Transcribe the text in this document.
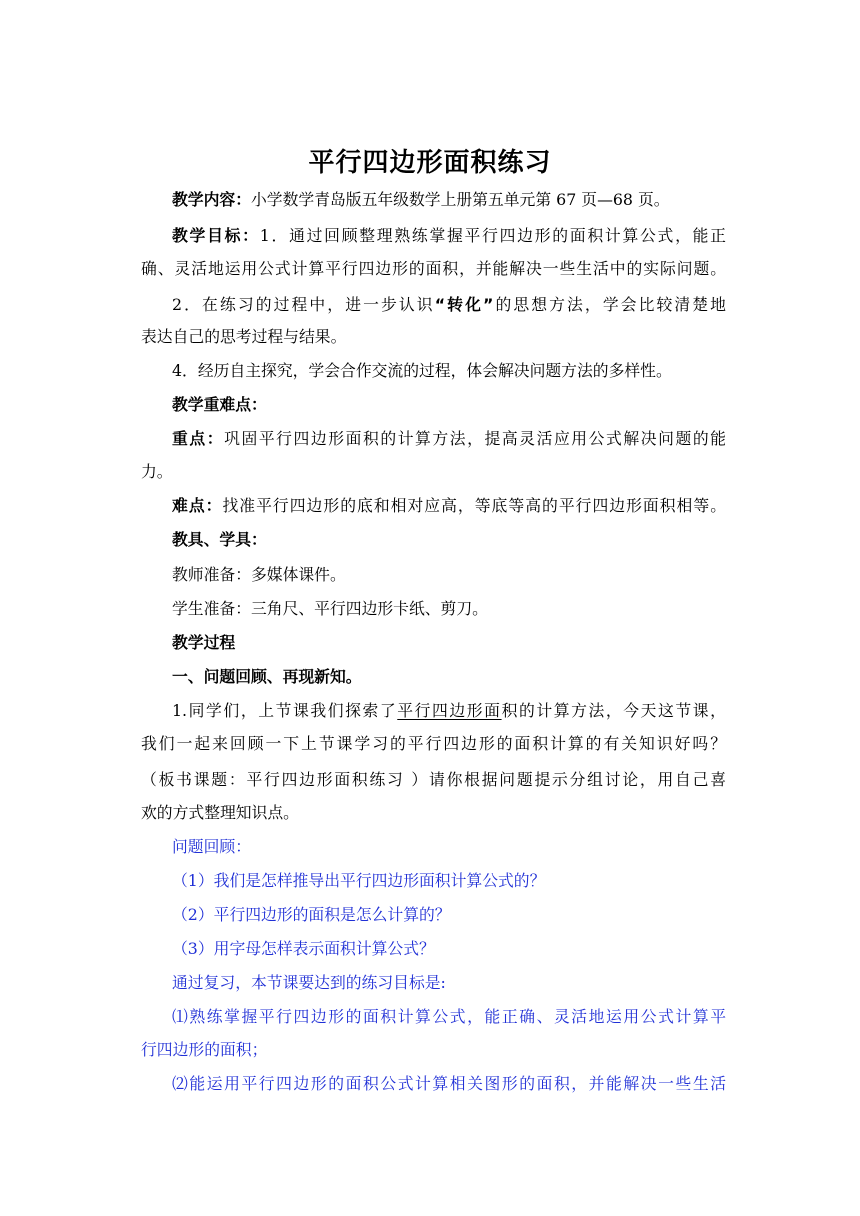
平行四边形面积练习
教学内容：小学数学青岛版五年级数学上册第五单元第 67 页—68 页。
教学目标：1．通过回顾整理熟练掌握平行四边形的面积计算公式，能正
确、灵活地运用公式计算平行四边形的面积，并能解决一些生活中的实际问题。
2．在练习的过程中，进一步认识“转化”的思想方法，学会比较清楚地
表达自己的思考过程与结果。
4．经历自主探究，学会合作交流的过程，体会解决问题方法的多样性。
教学重难点：
重点：巩固平行四边形面积的计算方法，提高灵活应用公式解决问题的能
力。
难点：找准平行四边形的底和相对应高，等底等高的平行四边形面积相等。
教具、学具：
教师准备：多媒体课件。
学生准备：三角尺、平行四边形卡纸、剪刀。
教学过程
一、问题回顾、再现新知。
1.同学们，上节课我们探索了平行四边形面积的计算方法，今天这节课，
我们一起来回顾一下上节课学习的平行四边形的面积计算的有关知识好吗？
（板书课题：平行四边形面积练习 ）请你根据问题提示分组讨论，用自己喜
欢的方式整理知识点。
问题回顾：
（1）我们是怎样推导出平行四边形面积计算公式的？
（2）平行四边形的面积是怎么计算的？
（3）用字母怎样表示面积计算公式？
通过复习，本节课要达到的练习目标是:
⑴熟练掌握平行四边形的面积计算公式，能正确、灵活地运用公式计算平
行四边形的面积；
⑵能运用平行四边形的面积公式计算相关图形的面积，并能解决一些生活
